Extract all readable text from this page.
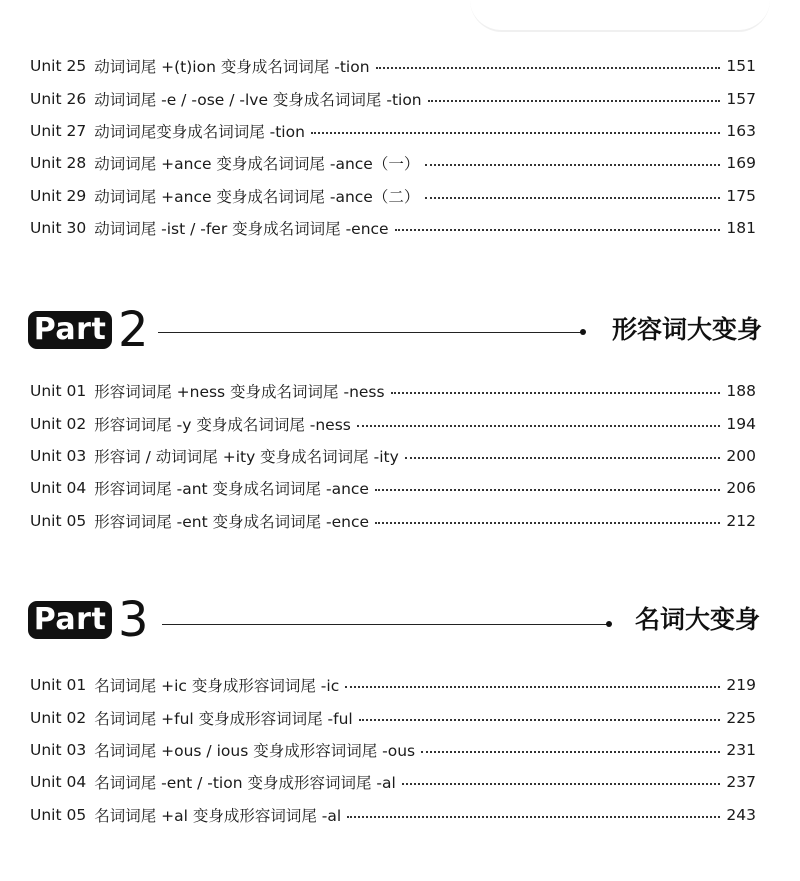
Unit 25 动词词尾 +(t)ion 变身成名词词尾 -tion	151
Unit 26 动词词尾 -e / -ose / -lve 变身成名词词尾 -tion	157
Unit 27 动词词尾变身成名词词尾 -tion	163
Unit 28 动词词尾 +ance 变身成名词词尾 -ance（一）	169
Unit 29 动词词尾 +ance 变身成名词词尾 -ance（二）	175
Unit 30 动词词尾 -ist / -fer 变身成名词词尾 -ence	181
Part 2	形容词大变身
Unit 01 形容词词尾 +ness 变身成名词词尾 -ness	188
Unit 02 形容词词尾 -y 变身成名词词尾 -ness	194
Unit 03 形容词 / 动词词尾 +ity 变身成名词词尾 -ity	200
Unit 04 形容词词尾 -ant 变身成名词词尾 -ance	206
Unit 05 形容词词尾 -ent 变身成名词词尾 -ence	212
Part 3	名词大变身
Unit 01 名词词尾 +ic 变身成形容词词尾 -ic	219
Unit 02 名词词尾 +ful 变身成形容词词尾 -ful	225
Unit 03 名词词尾 +ous / ious 变身成形容词词尾 -ous	231
Unit 04 名词词尾 -ent / -tion 变身成形容词词尾 -al	237
Unit 05 名词词尾 +al 变身成形容词词尾 -al	243
